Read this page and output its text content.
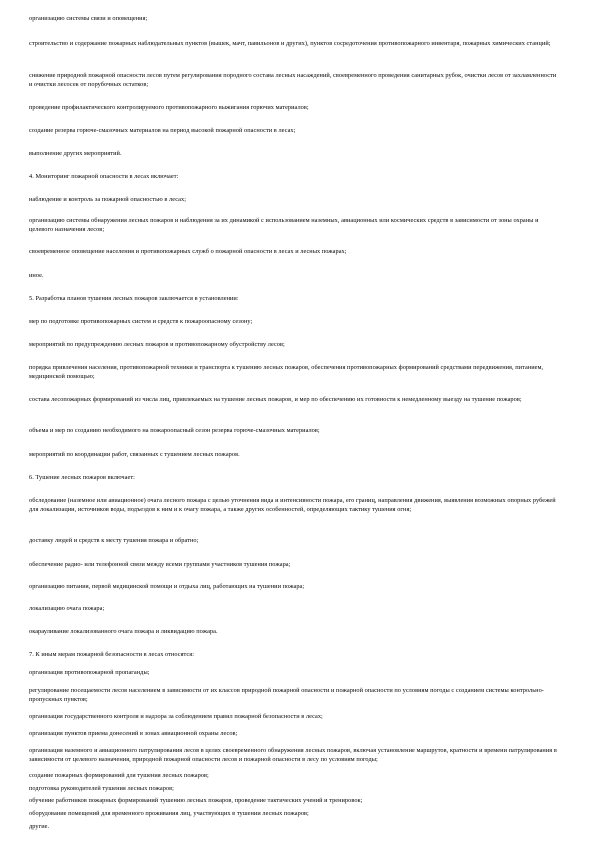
организацию системы связи и оповещения;

строительство и содержание пожарных наблюдательных пунктов (вышек, мачт, павильонов и других), пунктов сосредоточения противопожарного инвентаря, пожарных химических станций;

снижение природной пожарной опасности лесов путем регулирования породного состава лесных насаждений, своевременного проведения санитарных рубок, очистки лесов от захламленности и очистки лесосек от порубочных остатков;

проведение профилактического контролируемого противопожарного выжигания горючих материалов;

создание резерва горюче-смазочных материалов на период высокой пожарной опасности в лесах;

выполнение других мероприятий.

4. Мониторинг пожарной опасности в лесах включает:

наблюдение и контроль за пожарной опасностью в лесах;

организацию системы обнаружения лесных пожаров и наблюдения за их динамикой с использованием наземных, авиационных или космических средств в зависимости от зоны охраны и целевого назначения лесов;

своевременное оповещение населения и противопожарных служб о пожарной опасности в лесах и лесных пожарах;

иное.

5. Разработка планов тушения лесных пожаров заключается в установлении:

мер по подготовке противопожарных систем и средств к пожароопасному сезону;

мероприятий по предупреждению лесных пожаров и противопожарному обустройству лесов;

порядка привлечения населения, противопожарной техники и транспорта к тушению лесных пожаров, обеспечения противопожарных формирований средствами передвижения, питанием, медицинской помощью;

состава лесопожарных формирований из числа лиц, привлекаемых на тушение лесных пожаров, и мер по обеспечению их готовности к немедленному выезду на тушение пожаров;

объема и мер по созданию необходимого на пожароопасный сезон резерва горюче-смазочных материалов;

мероприятий по координации работ, связанных с тушением лесных пожаров.

6. Тушение лесных пожаров включает:

обследование (наземное или авиационное) очага лесного пожара с целью уточнения вида и интенсивности пожара, его границ, направления движения, выявления возможных опорных рубежей для локализации, источников воды, подъездов к ним и к очагу пожара, а также других особенностей, определяющих тактику тушения огня;

доставку людей и средств к месту тушения пожара и обратно;

обеспечение радио- или телефонной связи между всеми группами участников тушения пожара;

организацию питания, первой медицинской помощи и отдыха лиц, работающих на тушении пожара;

локализацию очага пожара;

окарауливание локализованного очага пожара и ликвидацию пожара.

7. К иным мерам пожарной безопасности в лесах относятся:

организация противопожарной пропаганды;

регулирование посещаемости лесов населением в зависимости от их классов природной пожарной опасности и пожарной опасности по условиям погоды с созданием системы контрольно-пропускных пунктов;

организация государственного контроля и надзора за соблюдением правил пожарной безопасности в лесах;

организация пунктов приема донесений в зонах авиационной охраны лесов;

организация наземного и авиационного патрулирования лесов в целях своевременного обнаружения лесных пожаров, включая установление маршрутов, кратности и времени патрулирования в зависимости от целевого назначения, природной пожарной опасности лесов и пожарной опасности в лесу по условиям погоды;

создание пожарных формирований для тушения лесных пожаров;

подготовка руководителей тушения лесных пожаров;

обучение работников пожарных формирований тушению лесных пожаров, проведение тактических учений и тренировок;

оборудование помещений для временного проживания лиц, участвующих в тушении лесных пожаров;

другие.
